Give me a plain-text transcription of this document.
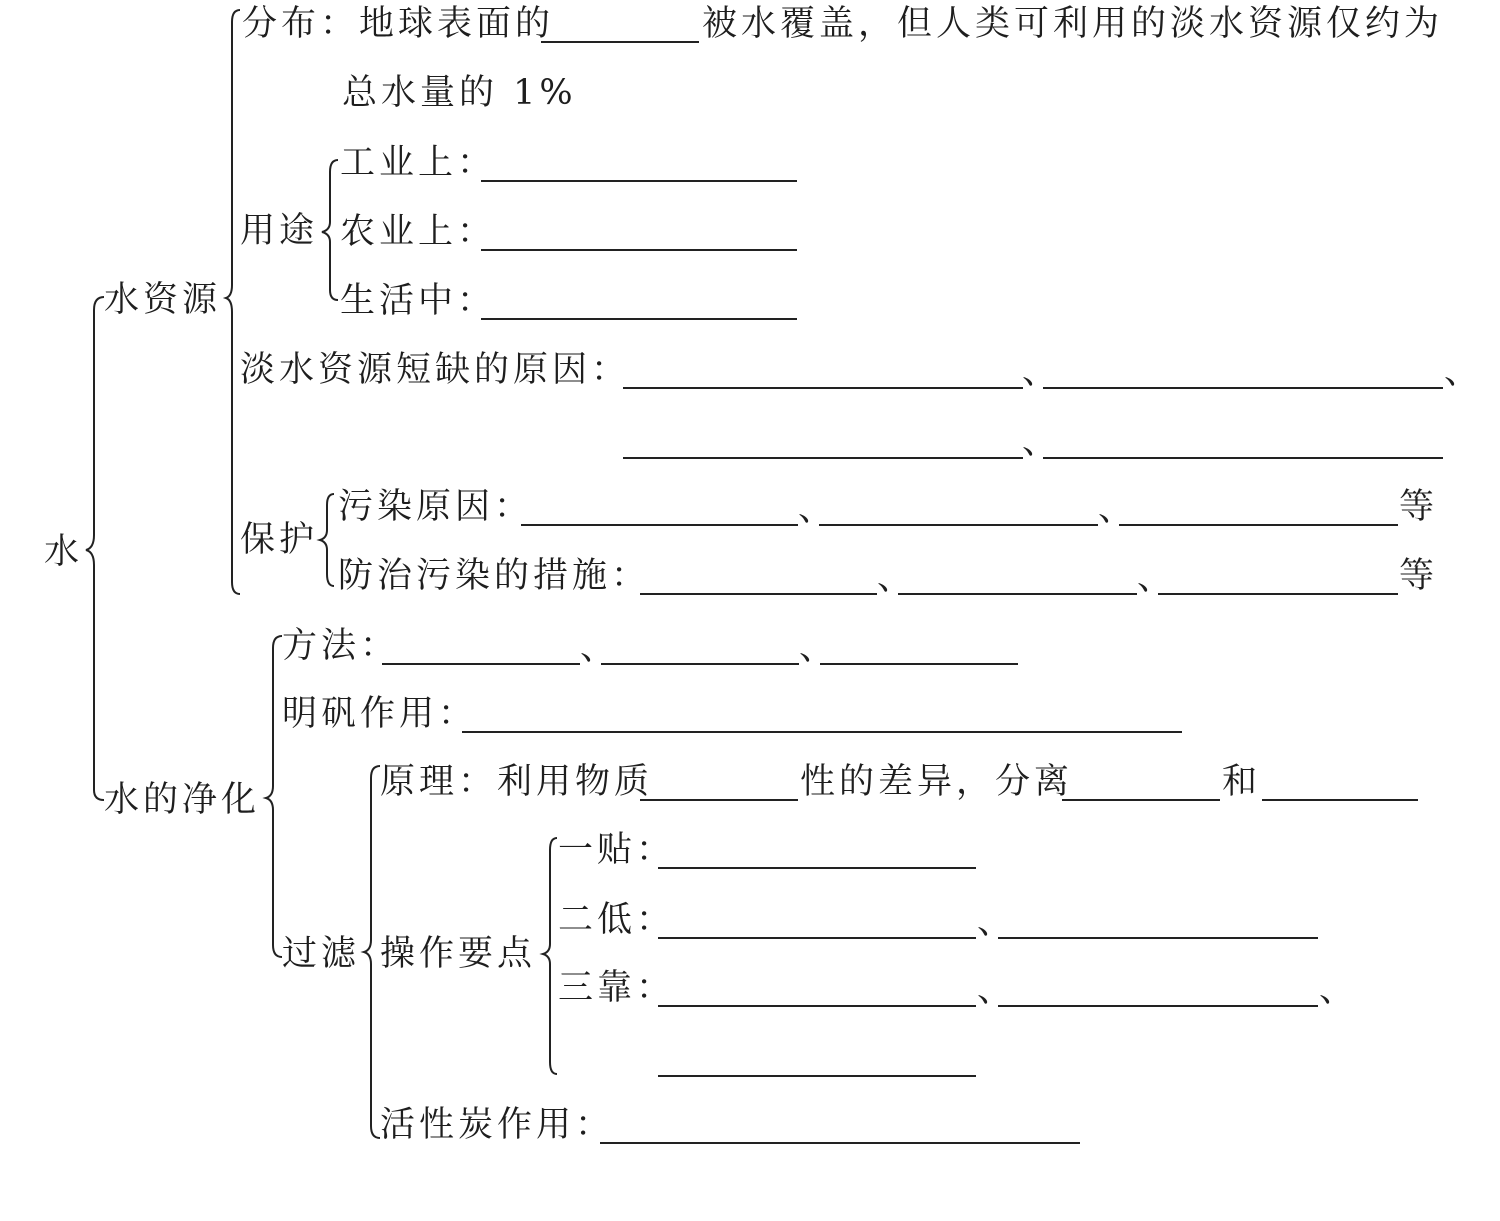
水
水资源
分布：地球表面的	被水覆盖，但人类可利用的淡水资源仅约为
总水量的 1%
用途
工业上：
农业上：
生活中：
淡水资源短缺的原因：	、	、
、
保护
污染原因：	、	、	等
防治污染的措施：	、	、	等
水的净化
方法：	、	、
明矾作用：
过滤
原理：利用物质	性的差异，分离	和
操作要点
一贴：
二低：	、
三靠：	、	、
活性炭作用：
